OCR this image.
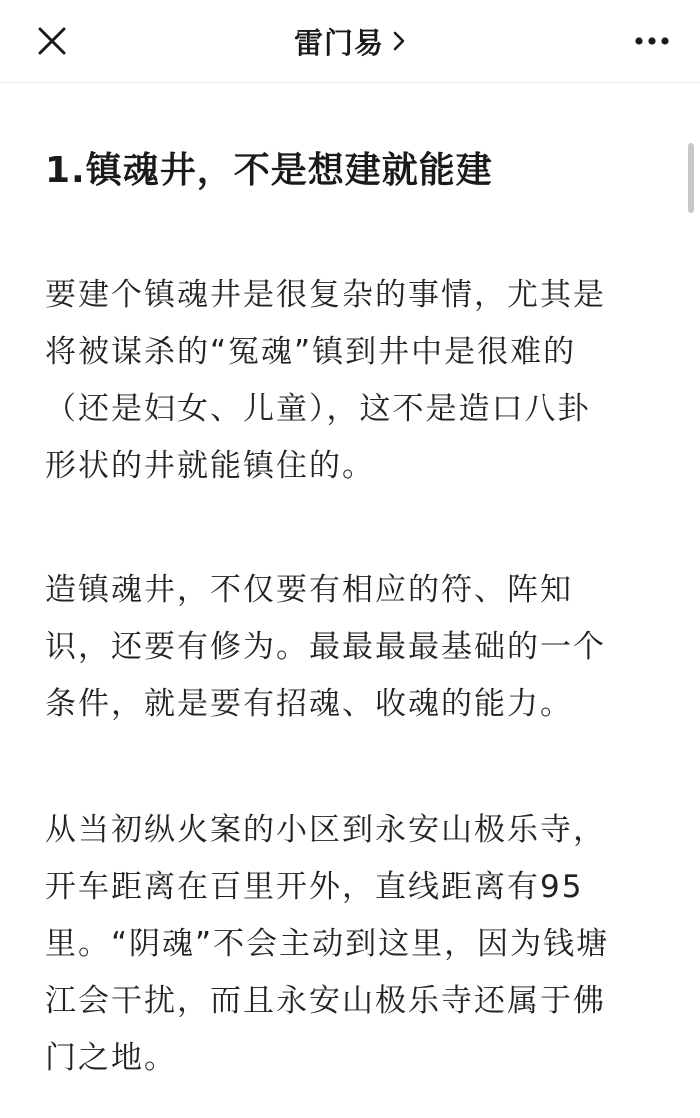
雷门易
1.镇魂井，不是想建就能建
要建个镇魂井是很复杂的事情，尤其是
将被谋杀的“冤魂”镇到井中是很难的
（还是妇女、儿童），这不是造口八卦
形状的井就能镇住的。
造镇魂井，不仅要有相应的符、阵知
识，还要有修为。最最最最基础的一个
条件，就是要有招魂、收魂的能力。
从当初纵火案的小区到永安山极乐寺，
开车距离在百里开外，直线距离有95
里。“阴魂”不会主动到这里，因为钱塘
江会干扰，而且永安山极乐寺还属于佛
门之地。
